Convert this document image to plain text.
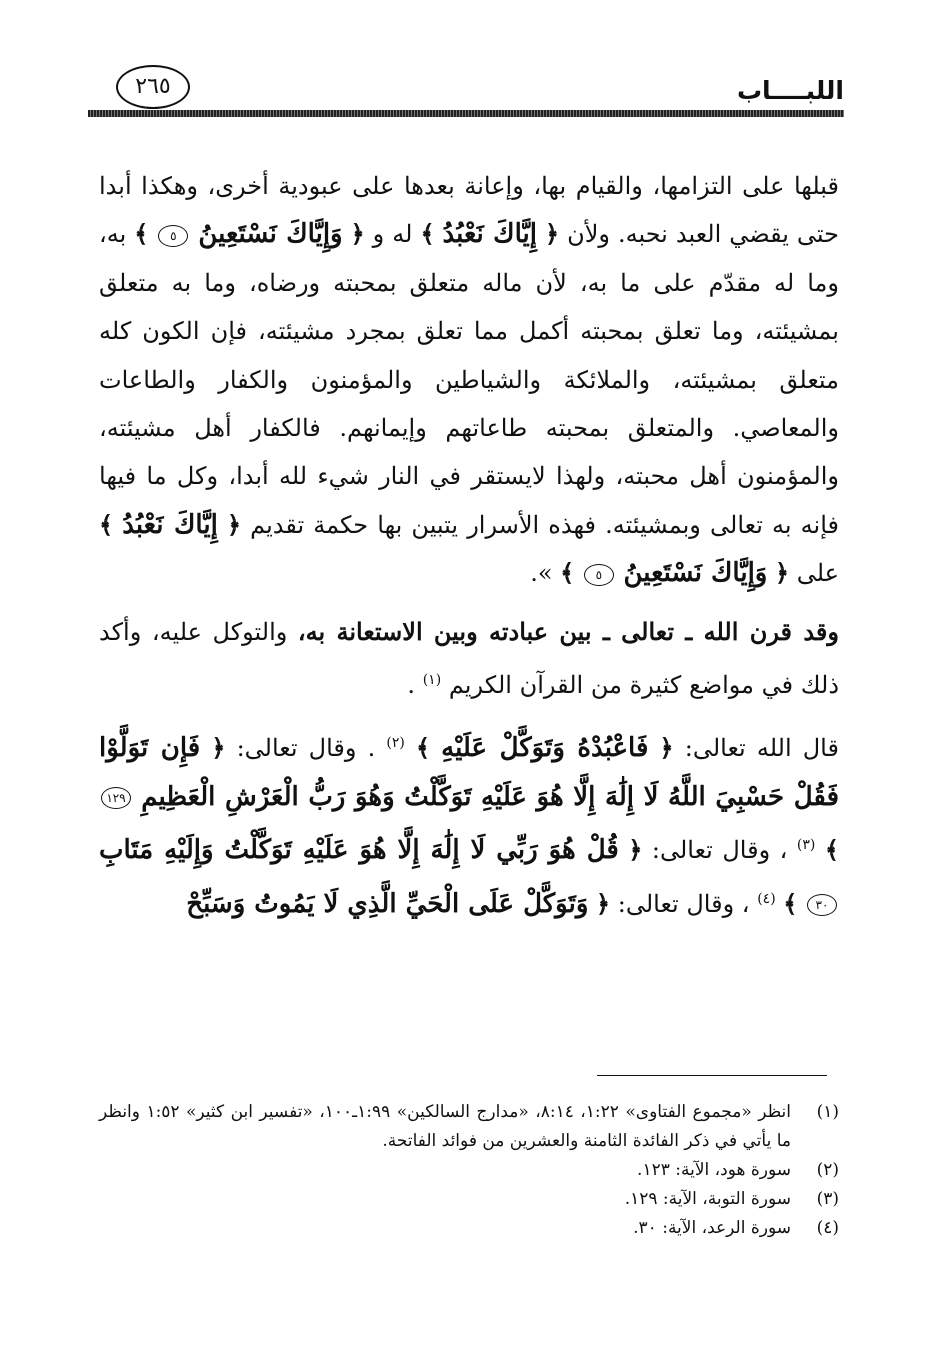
اللبــــاب
٢٦٥

قبلها على التزامها، والقيام بها، وإعانة بعدها على عبودية أخرى، وهكذا أبدا حتى يقضي العبد نحبه. ولأن ﴿ إِيَّاكَ نَعْبُدُ ﴾ له و ﴿ وَإِيَّاكَ نَسْتَعِينُ ٥ ﴾ به، وما له مقدّم على ما به، لأن ماله متعلق بمحبته ورضاه، وما به متعلق بمشيئته، وما تعلق بمحبته أكمل مما تعلق بمجرد مشيئته، فإن الكون كله متعلق بمشيئته، والملائكة والشياطين والمؤمنون والكفار والطاعات والمعاصي. والمتعلق بمحبته طاعاتهم وإيمانهم. فالكفار أهل مشيئته، والمؤمنون أهل محبته، ولهذا لايستقر في النار شيء لله أبدا، وكل ما فيها فإنه به تعالى وبمشيئته. فهذه الأسرار يتبين بها حكمة تقديم ﴿ إِيَّاكَ نَعْبُدُ ﴾ على ﴿ وَإِيَّاكَ نَسْتَعِينُ ٥ ﴾ ».

وقد قرن الله ـ تعالى ـ بين عبادته وبين الاستعانة به، والتوكل عليه، وأكد ذلك في مواضع كثيرة من القرآن الكريم $^{(١)}$ .

قال الله تعالى: ﴿ فَاعْبُدْهُ وَتَوَكَّلْ عَلَيْهِ ﴾ $^{(٢)}$ . وقال تعالى: ﴿ فَإِن تَوَلَّوْا فَقُلْ حَسْبِيَ اللَّهُ لَا إِلَٰهَ إِلَّا هُوَ عَلَيْهِ تَوَكَّلْتُ وَهُوَ رَبُّ الْعَرْشِ الْعَظِيمِ ١٢٩ ﴾ $^{(٣)}$ ، وقال تعالى: ﴿ قُلْ هُوَ رَبِّي لَا إِلَٰهَ إِلَّا هُوَ عَلَيْهِ تَوَكَّلْتُ وَإِلَيْهِ مَتَابِ ٣٠ ﴾ $^{(٤)}$ ، وقال تعالى: ﴿ وَتَوَكَّلْ عَلَى الْحَيِّ الَّذِي لَا يَمُوتُ وَسَبِّحْ

(١)
انظر «مجموع الفتاوى» ١:٢٢، ٨:١٤، «مدارج السالكين» ١:٩٩ـ١٠٠، «تفسير ابن كثير» ١:٥٢ وانظر ما يأتي في ذكر الفائدة الثامنة والعشرين من فوائد الفاتحة.
(٢)
سورة هود، الآية: ١٢٣.
(٣)
سورة التوبة، الآية: ١٢٩.
(٤)
سورة الرعد، الآية: ٣٠.
